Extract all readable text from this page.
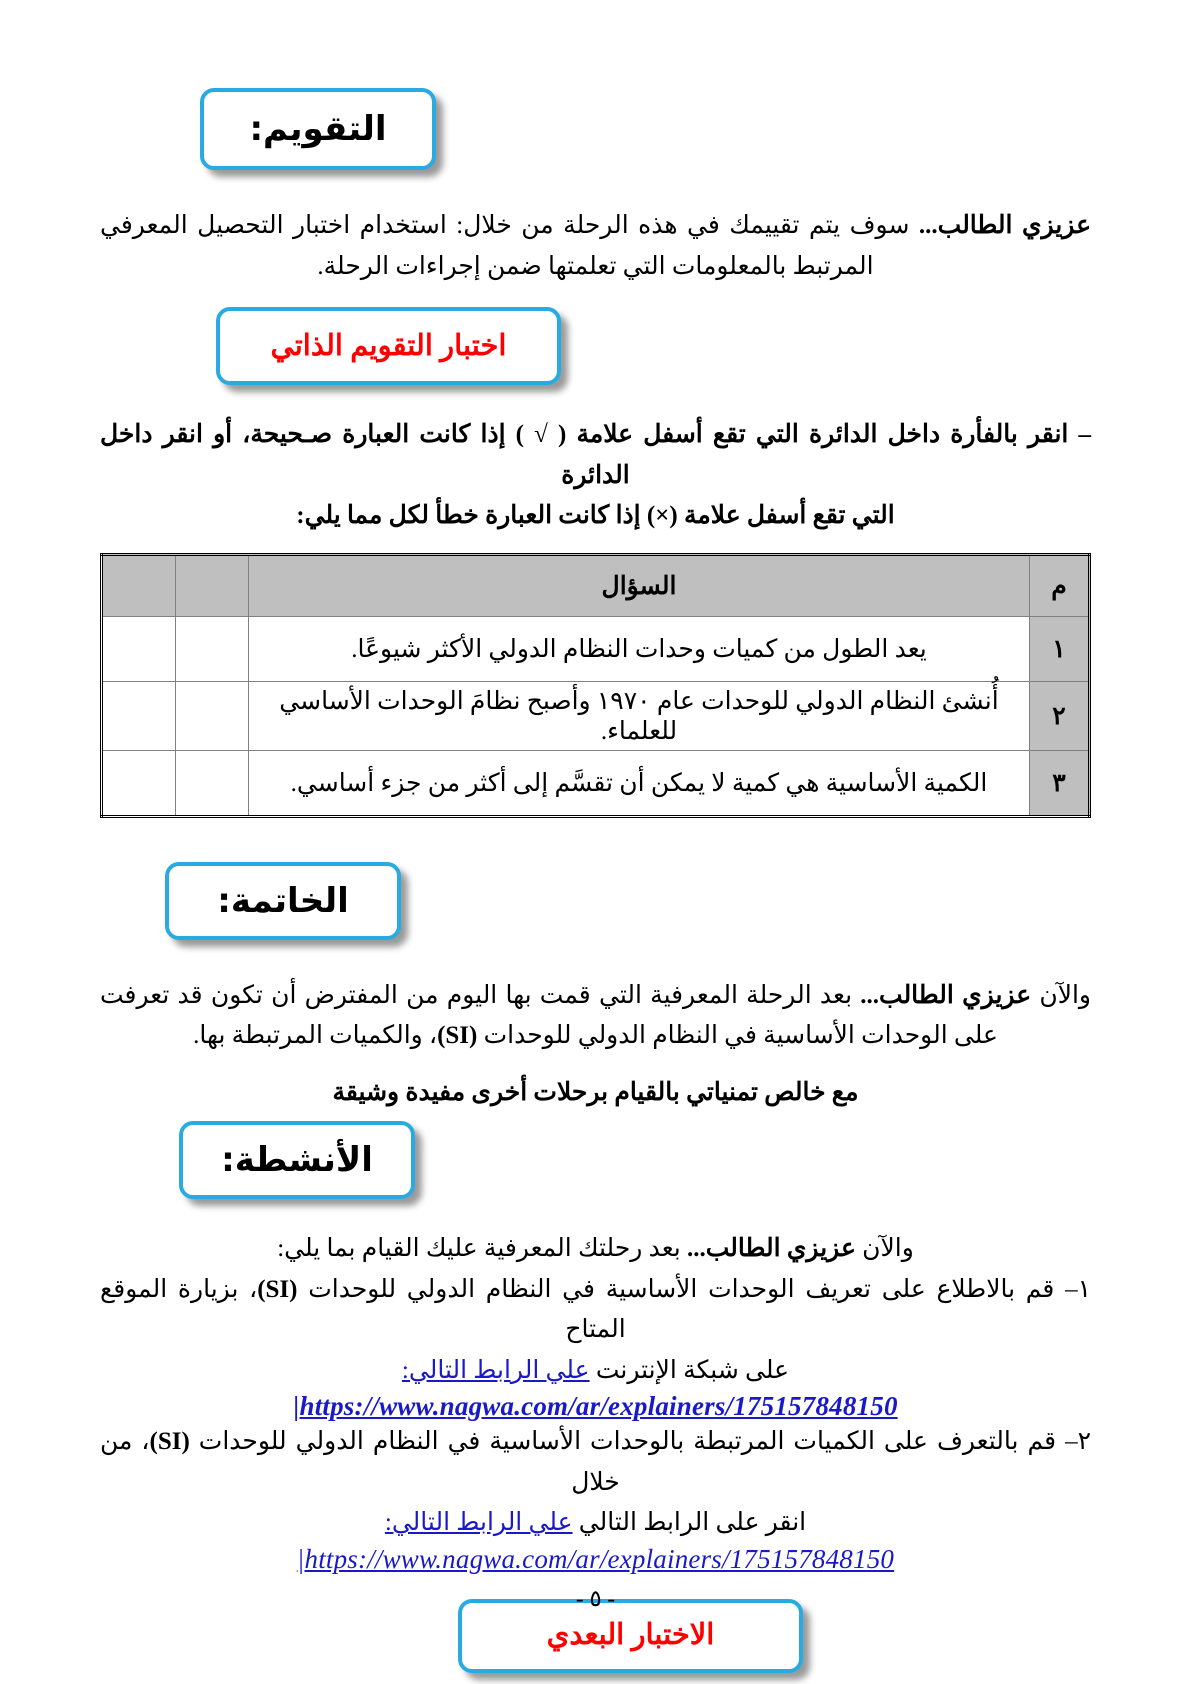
التقويم:

عزيزي الطالب... سوف يتم تقييمك في هذه الرحلة من خلال: استخدام اختبار التحصيل المعرفي المرتبط بالمعلومات التي تعلمتها ضمن إجراءات الرحلة.

اختبار التقويم الذاتي

– انقر بالفأرة داخل الدائرة التي تقع أسفل علامة ( √ ) إذا كانت العبارة صـحيحة، أو انقر داخل الدائرة

التي تقع أسفل علامة (×) إذا كانت العبارة خطأ لكل مما يلي:

م	السؤال		
١	يعد الطول من كميات وحدات النظام الدولي الأكثر شيوعًا.		
٢	أُنشئ النظام الدولي للوحدات عام ١٩٧٠ وأصبح نظامَ الوحدات الأساسي للعلماء.		
٣	الكمية الأساسية هي كمية لا يمكن أن تقسَّم إلى أكثر من جزء أساسي.		
الخاتمة:

والآن عزيزي الطالب... بعد الرحلة المعرفية التي قمت بها اليوم من المفترض أن تكون قد تعرفت على الوحدات الأساسية في النظام الدولي للوحدات (SI)، والكميات المرتبطة بها.

مع خالص تمنياتي بالقيام برحلات أخرى مفيدة وشيقة

الأنشطة:

والآن عزيزي الطالب... بعد رحلتك المعرفية عليك القيام بما يلي:

١– قم بالاطلاع على تعريف الوحدات الأساسية في النظام الدولي للوحدات (SI)، بزيارة الموقع المتاح

على شبكة الإنترنت علي الرابط التالي:

|https://www.nagwa.com/ar/explainers/175157848150

٢– قم بالتعرف على الكميات المرتبطة بالوحدات الأساسية في النظام الدولي للوحدات (SI)، من خلال

انقر على الرابط التالي علي الرابط التالي:

|https://www.nagwa.com/ar/explainers/175157848150

الاختبار البعدي
- ٥ -
